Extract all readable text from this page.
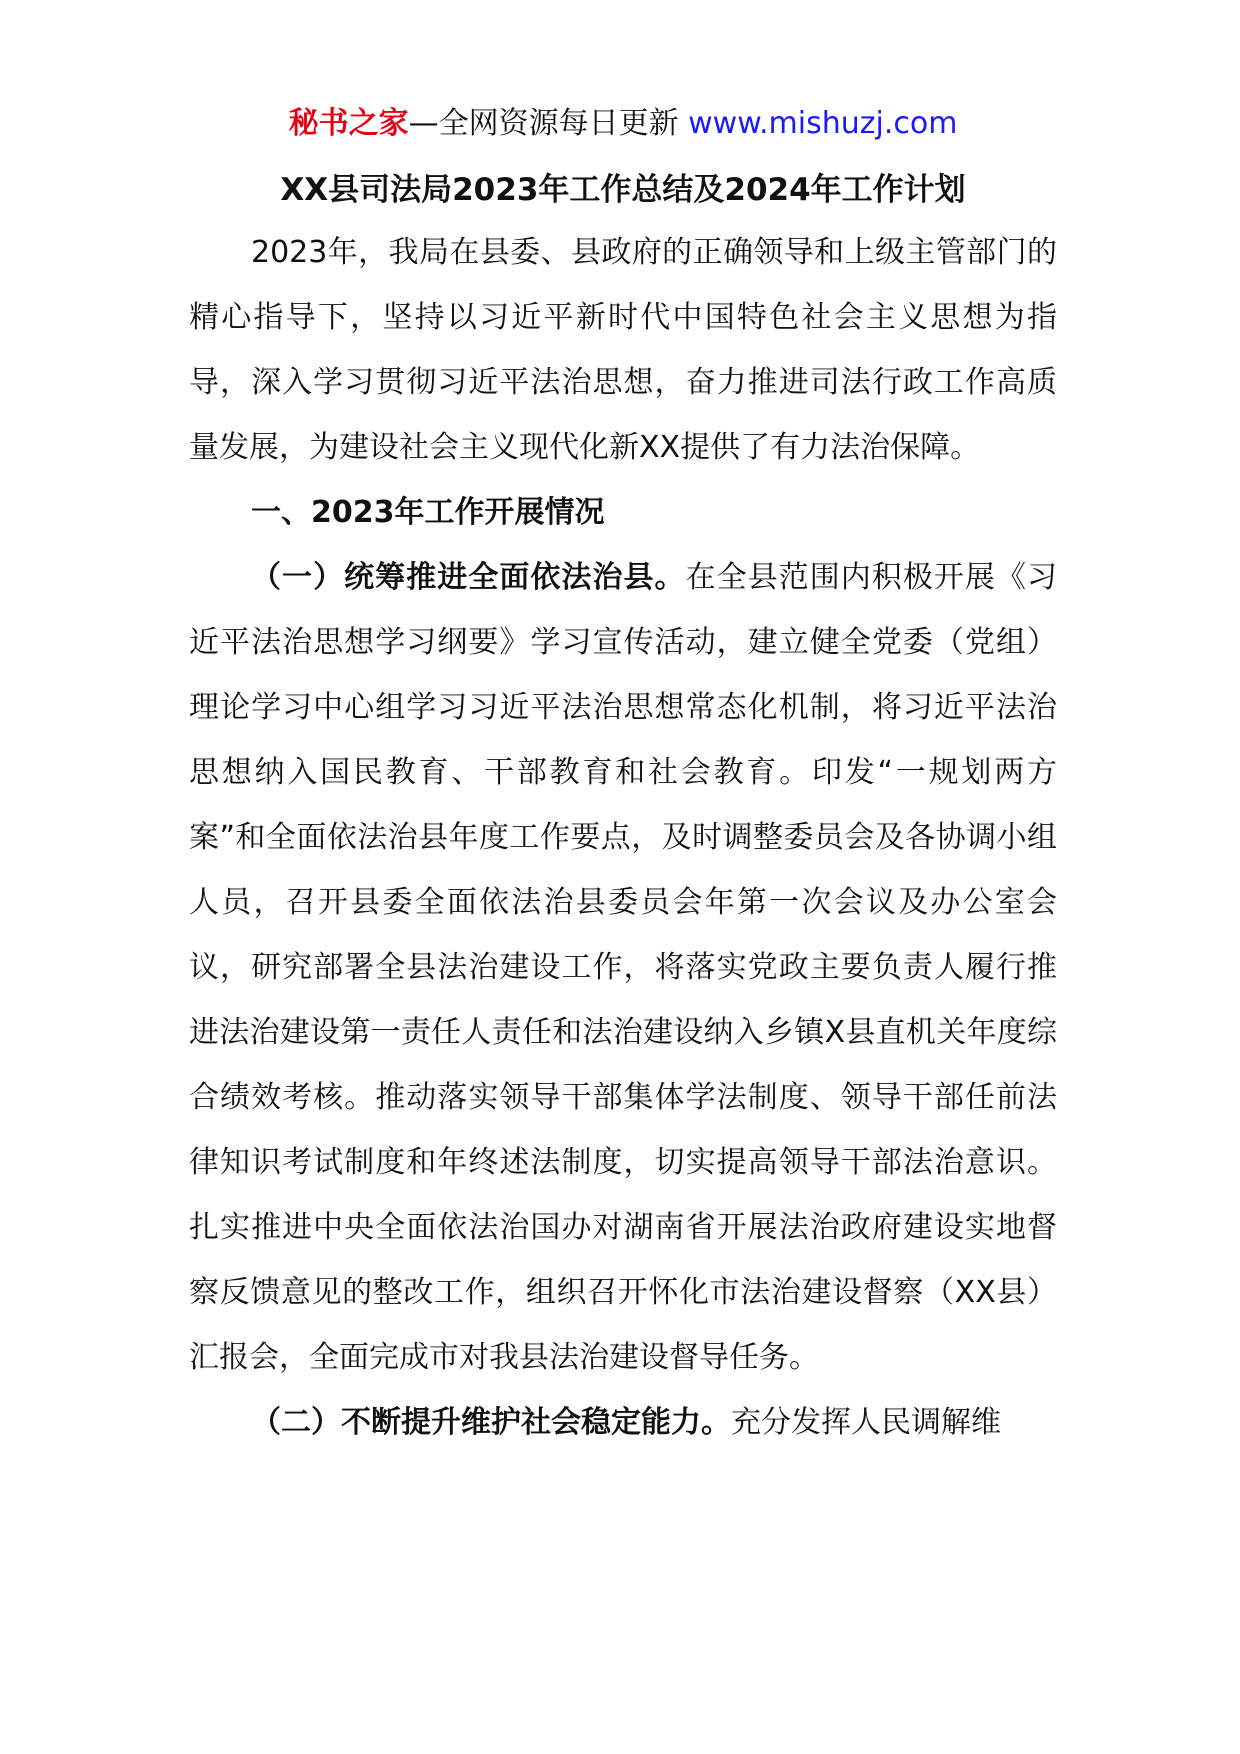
秘书之家—全网资源每日更新 www.mishuzj.com
XX县司法局2023年工作总结及2024年工作计划

2023年，我局在县委、县政府的正确领导和上级主管部门的精心指导下，坚持以习近平新时代中国特色社会主义思想为指导，深入学习贯彻习近平法治思想，奋力推进司法行政工作高质量发展，为建设社会主义现代化新XX提供了有力法治保障。

一、2023年工作开展情况

（一）统筹推进全面依法治县。在全县范围内积极开展《习近平法治思想学习纲要》学习宣传活动，建立健全党委（党组）理论学习中心组学习习近平法治思想常态化机制，将习近平法治思想纳入国民教育、干部教育和社会教育。印发“一规划两方案”和全面依法治县年度工作要点，及时调整委员会及各协调小组人员，召开县委全面依法治县委员会年第一次会议及办公室会议，研究部署全县法治建设工作，将落实党政主要负责人履行推进法治建设第一责任人责任和法治建设纳入乡镇X县直机关年度综合绩效考核。推动落实领导干部集体学法制度、领导干部任前法律知识考试制度和年终述法制度，切实提高领导干部法治意识。扎实推进中央全面依法治国办对湖南省开展法治政府建设实地督察反馈意见的整改工作，组织召开怀化市法治建设督察（XX县）汇报会，全面完成市对我县法治建设督导任务。

（二）不断提升维护社会稳定能力。充分发挥人民调解维
